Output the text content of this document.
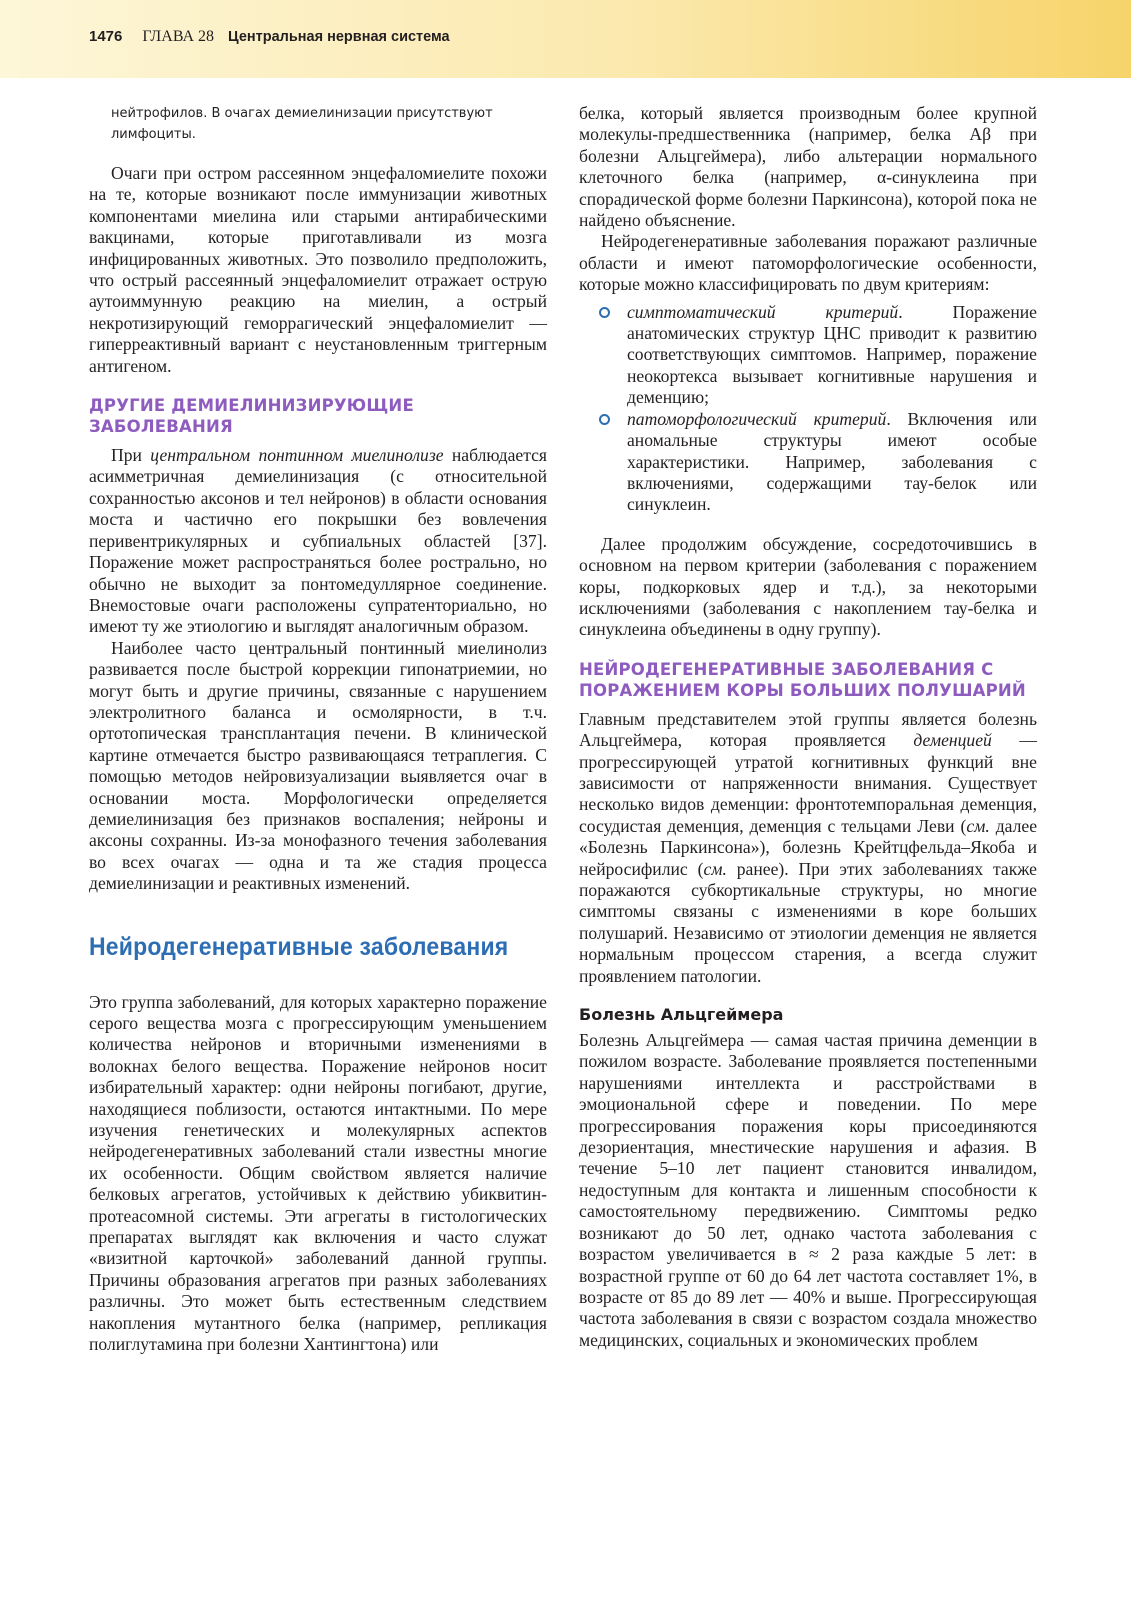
1476 ГЛАВА 28 Центральная нервная система

нейтрофилов. В очагах демиелинизации присутствуют лимфоциты.

Очаги при остром рассеянном энцефаломиелите похожи на те, которые возникают после иммунизации животных компонентами миелина или старыми антирабическими вакцинами, которые приготавливали из мозга инфицированных животных. Это позволило предположить, что острый рассеянный энцефаломиелит отражает острую аутоиммунную реакцию на миелин, а острый некротизирующий геморрагический энцефаломиелит — гиперреактивный вариант с неустановленным триггерным антигеном.

ДРУГИЕ ДЕМИЕЛИНИЗИРУЮЩИЕ ЗАБОЛЕВАНИЯ

При центральном понтинном миелинолизе наблюдается асимметричная демиелинизация (с относительной сохранностью аксонов и тел нейронов) в области основания моста и частично его покрышки без вовлечения перивентрикулярных и субпиальных областей [37]. Поражение может распространяться более рострально, но обычно не выходит за понтомедуллярное соединение. Внемостовые очаги расположены супратенториально, но имеют ту же этиологию и выглядят аналогичным образом.

Наиболее часто центральный понтинный миелинолиз развивается после быстрой коррекции гипонатриемии, но могут быть и другие причины, связанные с нарушением электролитного баланса и осмолярности, в т.ч. ортотопическая трансплантация печени. В клинической картине отмечается быстро развивающаяся тетраплегия. С помощью методов нейровизуализации выявляется очаг в основании моста. Морфологически определяется демиелинизация без признаков воспаления; нейроны и аксоны сохранны. Из-за монофазного течения заболевания во всех очагах — одна и та же стадия процесса демиелинизации и реактивных изменений.

Нейродегенеративные заболевания

Это группа заболеваний, для которых характерно поражение серого вещества мозга с прогрессирующим уменьшением количества нейронов и вторичными изменениями в волокнах белого вещества. Поражение нейронов носит избирательный характер: одни нейроны погибают, другие, находящиеся поблизости, остаются интактными. По мере изучения генетических и молекулярных аспектов нейродегенеративных заболеваний стали известны многие их особенности. Общим свойством является наличие белковых агрегатов, устойчивых к действию убиквитин-протеасомной системы. Эти агрегаты в гистологических препаратах выглядят как включения и часто служат «визитной карточкой» заболеваний данной группы. Причины образования агрегатов при разных заболеваниях различны. Это может быть естественным следствием накопления мутантного белка (например, репликация полиглутамина при болезни Хантингтона) или

белка, который является производным более крупной молекулы-предшественника (например, белка Aβ при болезни Альцгеймера), либо альтерации нормального клеточного белка (например, α-синуклеина при спорадической форме болезни Паркинсона), которой пока не найдено объяснение.

Нейродегенеративные заболевания поражают различные области и имеют патоморфологические особенности, которые можно классифицировать по двум критериям:

симптоматический критерий. Поражение анатомических структур ЦНС приводит к развитию соответствующих симптомов. Например, поражение неокортекса вызывает когнитивные нарушения и деменцию;

патоморфологический критерий. Включения или аномальные структуры имеют особые характеристики. Например, заболевания с включениями, содержащими тау-белок или синуклеин.

Далее продолжим обсуждение, сосредоточившись в основном на первом критерии (заболевания с поражением коры, подкорковых ядер и т.д.), за некоторыми исключениями (заболевания с накоплением тау-белка и синуклеина объединены в одну группу).

НЕЙРОДЕГЕНЕРАТИВНЫЕ ЗАБОЛЕВАНИЯ С ПОРАЖЕНИЕМ КОРЫ БОЛЬШИХ ПОЛУШАРИЙ

Главным представителем этой группы является болезнь Альцгеймера, которая проявляется деменцией — прогрессирующей утратой когнитивных функций вне зависимости от напряженности внимания. Существует несколько видов деменции: фронтотемпоральная деменция, сосудистая деменция, деменция с тельцами Леви (см. далее «Болезнь Паркинсона»), болезнь Крейтцфельда–Якоба и нейросифилис (см. ранее). При этих заболеваниях также поражаются субкортикальные структуры, но многие симптомы связаны с изменениями в коре больших полушарий. Независимо от этиологии деменция не является нормальным процессом старения, а всегда служит проявлением патологии.

Болезнь Альцгеймера

Болезнь Альцгеймера — самая частая причина деменции в пожилом возрасте. Заболевание проявляется постепенными нарушениями интеллекта и расстройствами в эмоциональной сфере и поведении. По мере прогрессирования поражения коры присоединяются дезориентация, мнестические нарушения и афазия. В течение 5–10 лет пациент становится инвалидом, недоступным для контакта и лишенным способности к самостоятельному передвижению. Симптомы редко возникают до 50 лет, однако частота заболевания с возрастом увеличивается в ≈ 2 раза каждые 5 лет: в возрастной группе от 60 до 64 лет частота составляет 1%, в возрасте от 85 до 89 лет — 40% и выше. Прогрессирующая частота заболевания в связи с возрастом создала множество медицинских, социальных и экономических проблем
